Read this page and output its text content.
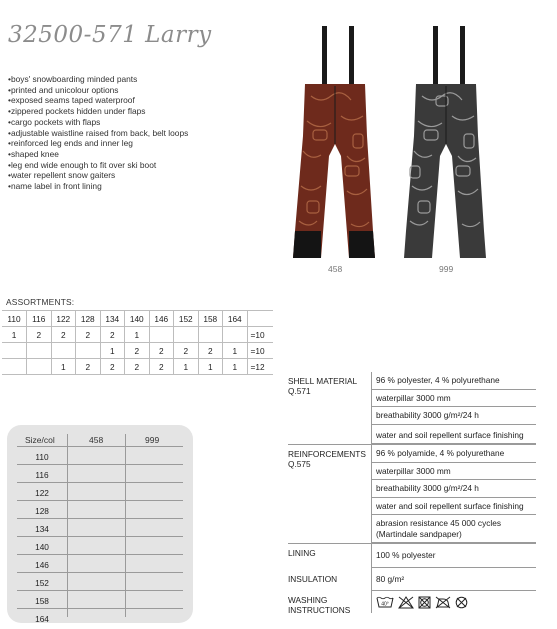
32500-571 Larry
• boys' snowboarding minded pants
• printed and unicolour options
• exposed seams taped waterproof
• zippered pockets hidden under flaps
• cargo pockets with flaps
• adjustable waistline raised from back, belt loops
• reinforced leg ends and inner leg
• shaped knee
• leg end wide enough to fit over ski boot
• water repellent snow gaiters
• name label in front lining
458	999
ASSORTMENTS:
110	116	122	128	134	140	146	152	158	164	
1	2	2	2	2	1					=10
				1	2	2	2	2	1	=10
		1	2	2	2	2	1	1	1	=12
Size/col	458	999
110
116
122
128
134
140
146
152
158
164
SHELL MATERIAL Q.571
96 % polyester, 4 % polyurethane
waterpillar 3000 mm
breathability 3000 g/m²/24 h
water and soil repellent surface finishing
REINFORCEMENTS Q.575
96 % polyamide, 4 % polyurethane
waterpillar 3000 mm
breathability 3000 g/m²/24 h
water and soil repellent surface finishing
abrasion resistance 45 000 cycles (Martindale sandpaper)
LINING	100 % polyester
INSULATION	80 g/m²
WASHING INSTRUCTIONS
40°
